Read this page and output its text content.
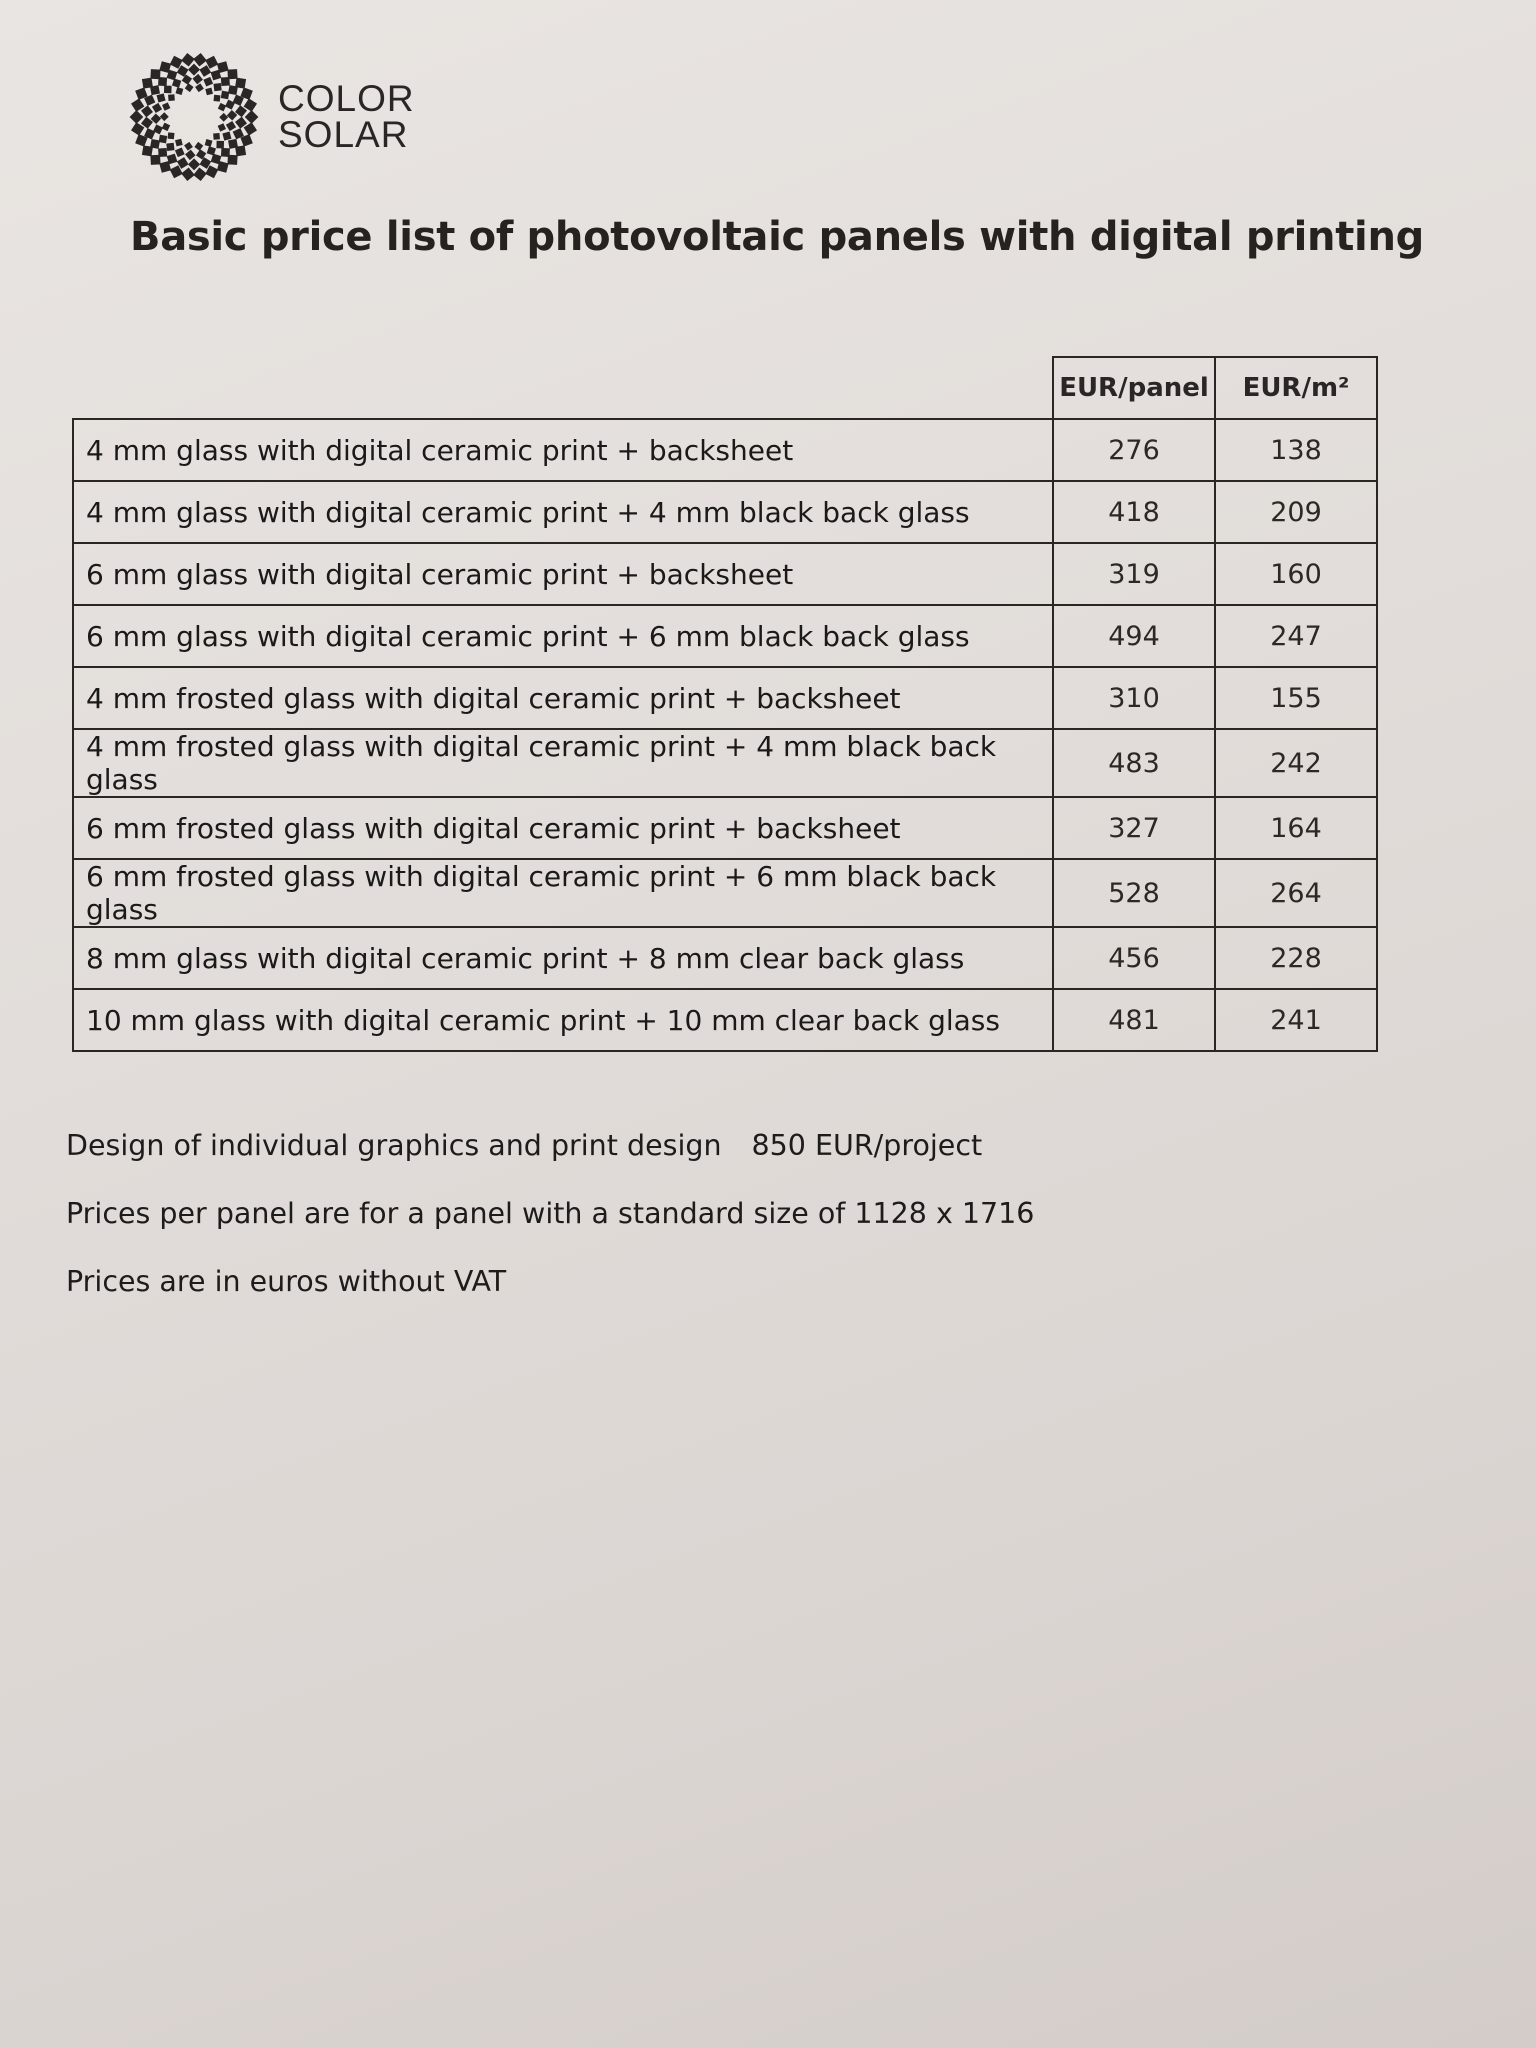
COLOR
SOLAR
Basic price list of photovoltaic panels with digital printing
	EUR/panel	EUR/m²
4 mm glass with digital ceramic print + backsheet	276	138
4 mm glass with digital ceramic print + 4 mm black back glass	418	209
6 mm glass with digital ceramic print + backsheet	319	160
6 mm glass with digital ceramic print + 6 mm black back glass	494	247
4 mm frosted glass with digital ceramic print + backsheet	310	155
4 mm frosted glass with digital ceramic print + 4 mm black back glass	483	242
6 mm frosted glass with digital ceramic print + backsheet	327	164
6 mm frosted glass with digital ceramic print + 6 mm black back glass	528	264
8 mm glass with digital ceramic print + 8 mm clear back glass	456	228
10 mm glass with digital ceramic print + 10 mm clear back glass	481	241
Design of individual graphics and print design 850 EUR/project
Prices per panel are for a panel with a standard size of 1128 x 1716
Prices are in euros without VAT
